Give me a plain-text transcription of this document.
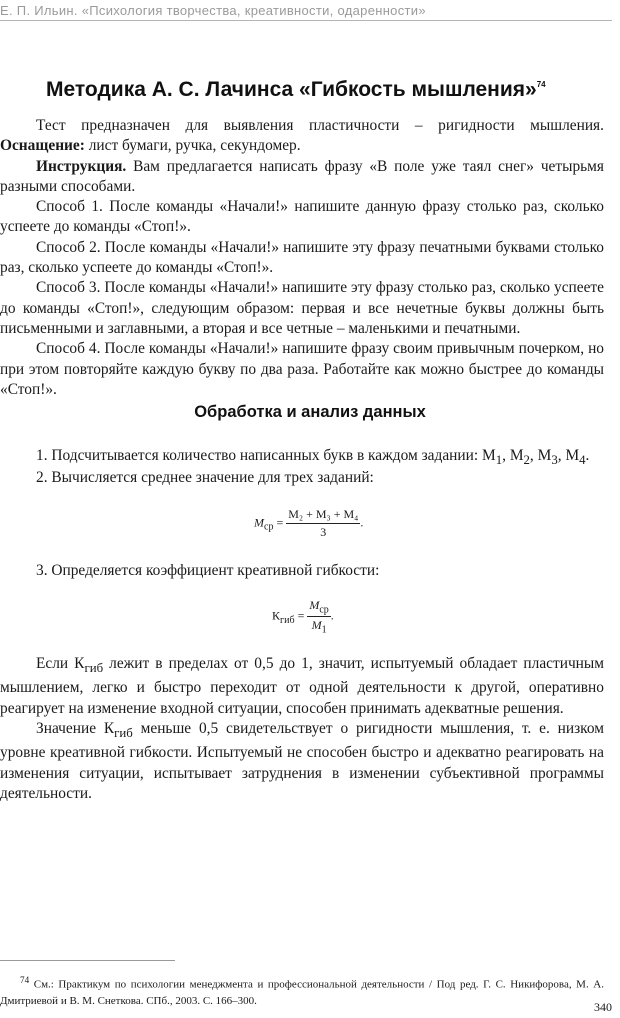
Е. П. Ильин. «Психология творчества, креативности, одаренности»
Методика А. С. Лачинса «Гибкость мышления»$^{74}$

Тест предназначен для выявления пластичности – ригидности мышления. Оснащение: лист бумаги, ручка, секундомер.

Инструкция. Вам предлагается написать фразу «В поле уже таял снег» четырьмя разными способами.

Способ 1. После команды «Начали!» напишите данную фразу столько раз, сколько успеете до команды «Стоп!».

Способ 2. После команды «Начали!» напишите эту фразу печатными буквами столько раз, сколько успеете до команды «Стоп!».

Способ 3. После команды «Начали!» напишите эту фразу столько раз, сколько успеете до команды «Стоп!», следующим образом: первая и все нечетные буквы должны быть письменными и заглавными, а вторая и все четные – маленькими и печатными.

Способ 4. После команды «Начали!» напишите фразу своим привычным почерком, но при этом повторяйте каждую букву по два раза. Работайте как можно быстрее до команды «Стоп!».

Обработка и анализ данных
1. Подсчитывается количество написанных букв в каждом задании: $M_1$, $M_2$, $M_3$, $M_4$.
2. Вычисляется среднее значение для трех заданий:
$M_{ср} = \frac{\text{M₂ + M₃ + M₄}}{3}$ .
3. Определяется коэффициент креативной гибкости:
$К_{гиб} = \frac{M_{ср}}{M_1}$ .

Если $К_{гиб}$ лежит в пределах от 0,5 до 1, значит, испытуемый обладает пластичным мышлением, легко и быстро переходит от одной деятельности к другой, оперативно реагирует на изменение входной ситуации, способен принимать адекватные решения.

Значение $К_{гиб}$ меньше 0,5 свидетельствует о ригидности мышления, т. е. низком уровне креативной гибкости. Испытуемый не способен быстро и адекватно реагировать на изменения ситуации, испытывает затруднения в изменении субъективной программы деятельности.

$^{74}$ См.: Практикум по психологии менеджмента и профессиональной деятельности / Под ред. Г. С. Никифорова, М. А. Дмитриевой и В. М. Снеткова. СПб., 2003. С. 166–300.	340
